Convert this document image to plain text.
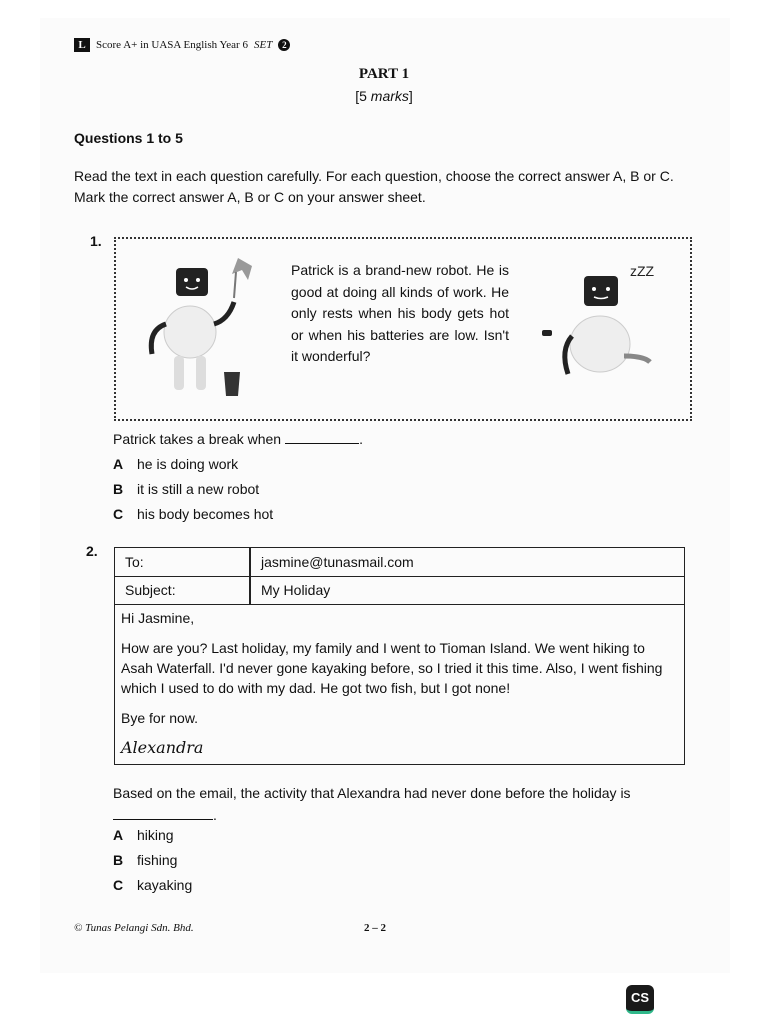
L Score A+ in UASA English Year 6 SET	2
PART 1
[5 marks]
Questions 1 to 5
Read the text in each question carefully. For each question, choose the correct answer A, B or C. Mark the correct answer A, B or C on your answer sheet.
1.
Patrick is a brand-new robot. He is good at doing all kinds of work. He only rests when his body gets hot or when his batteries are low. Isn't it wonderful?
zZZ
Patrick takes a break when	.
A he is doing work
B it is still a new robot
C his body becomes hot
2.
To:	jasmine@tunasmail.com
Subject:	My Holiday

Hi Jasmine,

How are you? Last holiday, my family and I went to Tioman Island. We went hiking to Asah Waterfall. I'd never gone kayaking before, so I tried it this time. Also, I went fishing which I used to do with my dad. He got two fish, but I got none!

Bye for now.

Alexandra

Based on the email, the activity that Alexandra had never done before the holiday is
.
A hiking
B fishing
C kayaking
© Tunas Pelangi Sdn. Bhd.	2 – 2
CS
